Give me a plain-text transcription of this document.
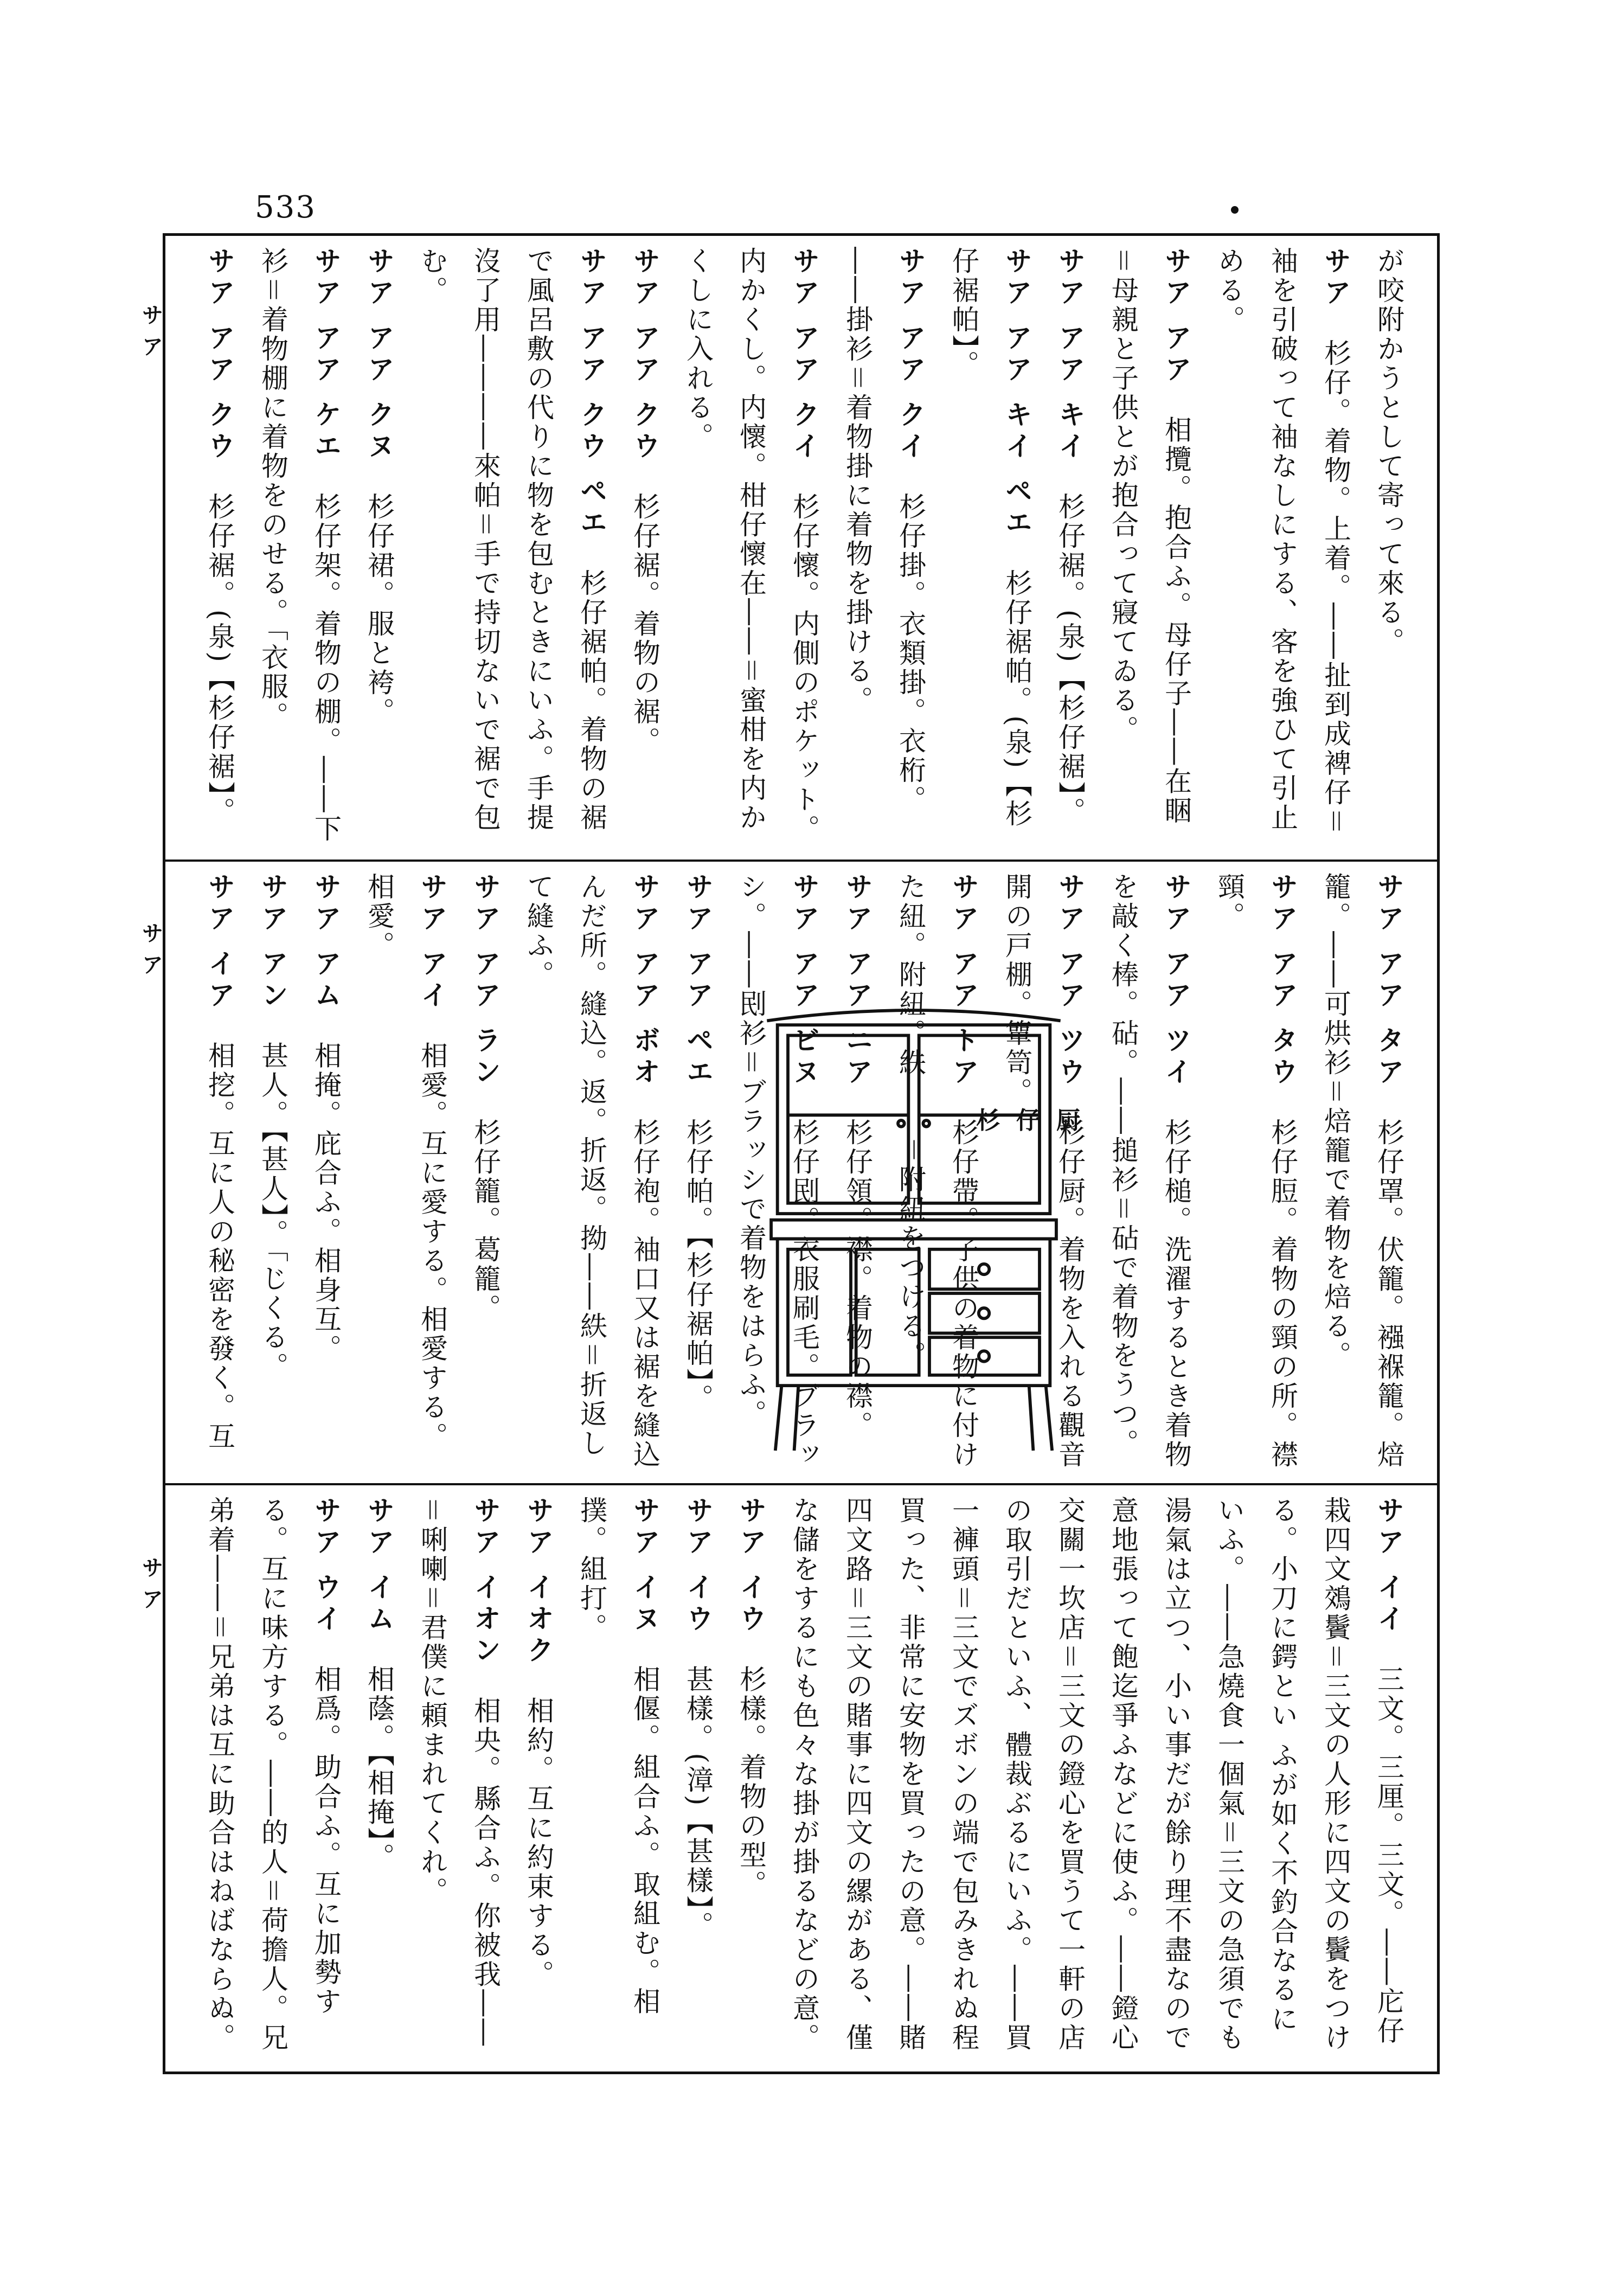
533
サア
サア
サア

が咬附かうとして寄って來る。

サア　杉仔。着物。上着。――扯到成裨仔＝袖を引破って袖なしにする、客を強ひて引止める。

サア アア　相攬。抱合ふ。母仔子――在睏＝母親と子供とが抱合って寢てゐる。

サア アア キイ　杉仔裾。(泉)【杉仔裾】。

サア アア キイ ペエ　杉仔裾帕。(泉)【杉仔裾帕】。

サア アア クイ　杉仔掛。衣類掛。衣桁。――掛衫＝着物掛に着物を掛ける。

サア アア クイ　杉仔懷。内側のポケット。内かくし。内懷。柑仔懷在――＝蜜柑を内かくしに入れる。

サア アア クウ　杉仔裾。着物の裾。

サア アア クウ ペエ　杉仔裾帕。着物の裾で風呂敷の代りに物を包むときにいふ。手提沒了用――――來帕＝手で持切ないで裾で包む。

サア アア クヌ　杉仔裙。服と袴。

サア アア ケエ　杉仔架。着物の棚。――下衫＝着物棚に着物をのせる。「衣服。

サア アア クウ　杉仔裾。(泉)【杉仔裾】。

サア アア タア　杉仔罩。伏籠。襁褓籠。焙籠。――可烘衫＝焙籠で着物を焙る。

サア アア タウ　杉仔脰。着物の頸の所。襟頸。

サア アア ツイ　杉仔槌。洗濯するとき着物を敲く棒。砧。――搥衫＝砧で着物をうつ。

サア アア ツウ　杉仔厨。着物を入れる觀音開の戸棚。簞笥。

サア アア トア　杉仔帶。子供の着物に付けた紐。附紐。紩――＝附紐をつける。

サア アア ニア　杉仔領。襟。着物の襟。

サア アア ビヌ　杉仔刡。衣服刷毛。ブラッシ。――刡衫＝ブラッシで着物をはらふ。

サア アア ペエ　杉仔帕。【杉仔裾帕】。

サア アア ボオ　杉仔袍。袖口又は裾を縫込んだ所。縫込。返。折返。拗――紩＝折返して縫ふ。

サア アア ラン　杉仔籠。葛籠。

サア アイ　相愛。互に愛する。相愛する。相愛。

サア アム　相掩。庇合ふ。相身互。

サア アン　甚人。【甚人】。「じくる。

サア イア　相挖。互に人の秘密を發く。互

サア イイ　三文。三厘。三文。――庀仔栽四文鵁鬢＝三文の人形に四文の鬢をつける。小刀に鍔とい ふが如く不釣合なるにいふ。――急燒食一個氣＝三文の急須でも湯氣は立つ、小い事だが餘り理不盡なので意地張って飽迄爭ふなどに使ふ。――鐙心交關一坎店＝三文の鐙心を買うて一軒の店の取引だといふ、體裁ぶるにいふ。――買一褲頭＝三文でズボンの端で包みきれぬ程買った、非常に安物を買ったの意。――賭四文路＝三文の賭事に四文の縲がある、僅な儲をするにも色々な掛が掛るなどの意。

サア イウ　杉樣。着物の型。

サア イウ　甚樣。(漳)【甚樣】。

サア イヌ　相偃。組合ふ。取組む。相撲。組打。

サア イオク　相約。互に約束する。

サア イオン　相央。縣合ふ。你被我――＝唎喇＝君僕に頼まれてくれ。

サア イム　相蔭。【相掩】。

サア ウイ　相爲。助合ふ。互に加勢する。互に味方する。――的人＝荷擔人。兄弟着――＝兄弟は互に助合はねばならぬ。

杉仔厨
